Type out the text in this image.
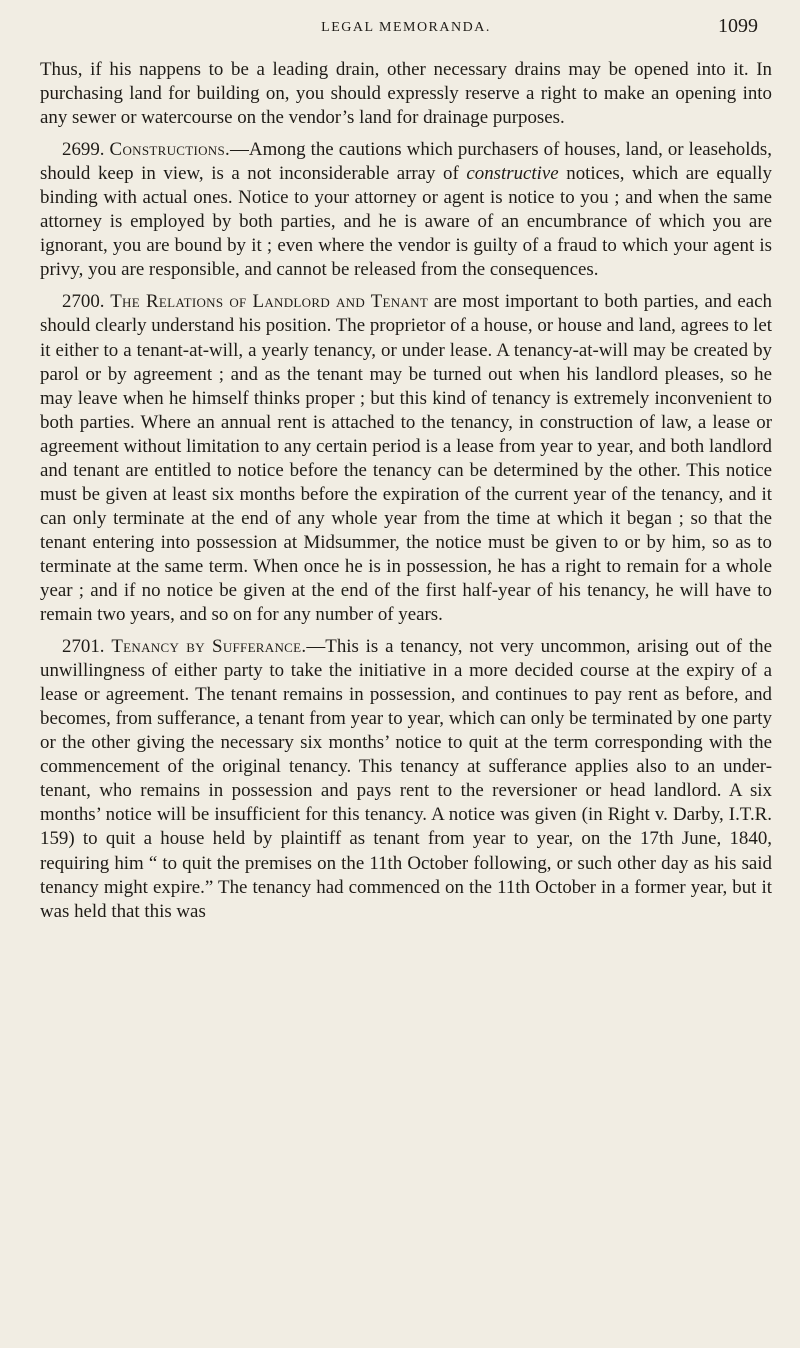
LEGAL MEMORANDA.	1099

Thus, if his nappens to be a leading drain, other necessary drains may be opened into it. In purchasing land for building on, you should expressly reserve a right to make an opening into any sewer or watercourse on the vendor’s land for drainage purposes.

2699. Constructions.—Among the cautions which purchasers of houses, land, or leaseholds, should keep in view, is a not inconsiderable array of constructive notices, which are equally binding with actual ones. Notice to your attorney or agent is notice to you ; and when the same attorney is employed by both parties, and he is aware of an encumbrance of which you are ignorant, you are bound by it ; even where the vendor is guilty of a fraud to which your agent is privy, you are responsible, and cannot be released from the consequences.

2700. The Relations of Landlord and Tenant are most important to both parties, and each should clearly understand his position. The proprietor of a house, or house and land, agrees to let it either to a tenant-at-will, a yearly tenancy, or under lease. A tenancy-at-will may be created by parol or by agreement ; and as the tenant may be turned out when his landlord pleases, so he may leave when he himself thinks proper ; but this kind of tenancy is extremely inconvenient to both parties. Where an annual rent is attached to the tenancy, in construction of law, a lease or agreement without limitation to any certain period is a lease from year to year, and both landlord and tenant are entitled to notice before the tenancy can be determined by the other. This notice must be given at least six months before the expiration of the current year of the tenancy, and it can only terminate at the end of any whole year from the time at which it began ; so that the tenant entering into possession at Midsummer, the notice must be given to or by him, so as to terminate at the same term. When once he is in possession, he has a right to remain for a whole year ; and if no notice be given at the end of the first half-year of his tenancy, he will have to remain two years, and so on for any number of years.

2701. Tenancy by Sufferance.—This is a tenancy, not very uncommon, arising out of the unwillingness of either party to take the initiative in a more decided course at the expiry of a lease or agreement. The tenant remains in possession, and continues to pay rent as before, and becomes, from sufferance, a tenant from year to year, which can only be terminated by one party or the other giving the necessary six months’ notice to quit at the term corresponding with the commencement of the original tenancy. This tenancy at sufferance applies also to an under-tenant, who remains in possession and pays rent to the reversioner or head landlord. A six months’ notice will be insufficient for this tenancy. A notice was given (in Right v. Darby, I.T.R. 159) to quit a house held by plaintiff as tenant from year to year, on the 17th June, 1840, requiring him “ to quit the premises on the 11th October following, or such other day as his said tenancy might expire.” The tenancy had commenced on the 11th October in a former year, but it was held that this was
